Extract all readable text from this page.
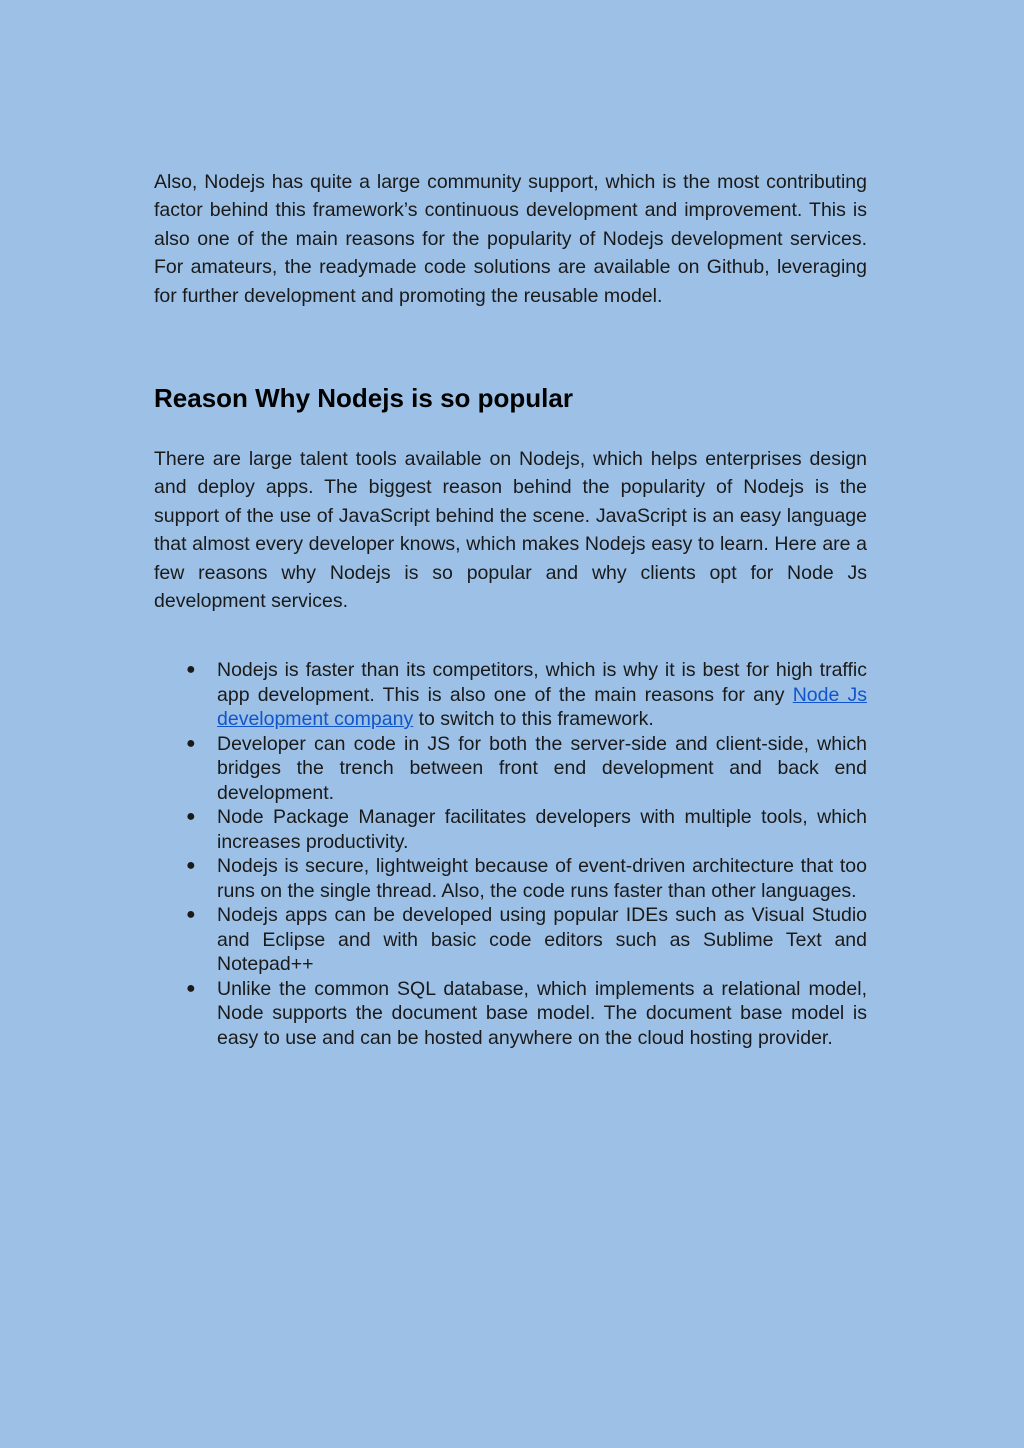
Also, Nodejs has quite a large community support, which is the most contributing factor behind this framework’s continuous development and improvement. This is also one of the main reasons for the popularity of Nodejs development services. For amateurs, the readymade code solutions are available on Github, leveraging for further development and promoting the reusable model.

Reason Why Nodejs is so popular

There are large talent tools available on Nodejs, which helps enterprises design and deploy apps. The biggest reason behind the popularity of Nodejs is the support of the use of JavaScript behind the scene. JavaScript is an easy language that almost every developer knows, which makes Nodejs easy to learn. Here are a few reasons why Nodejs is so popular and why clients opt for Node Js development services.

● Nodejs is faster than its competitors, which is why it is best for high traffic app development. This is also one of the main reasons for any Node Js development company to switch to this framework.
● Developer can code in JS for both the server-side and client-side, which bridges the trench between front end development and back end development.
● Node Package Manager facilitates developers with multiple tools, which increases productivity.
● Nodejs is secure, lightweight because of event-driven architecture that too runs on the single thread. Also, the code runs faster than other languages.
● Nodejs apps can be developed using popular IDEs such as Visual Studio and Eclipse and with basic code editors such as Sublime Text and Notepad++
● Unlike the common SQL database, which implements a relational model, Node supports the document base model. The document base model is easy to use and can be hosted anywhere on the cloud hosting provider.
